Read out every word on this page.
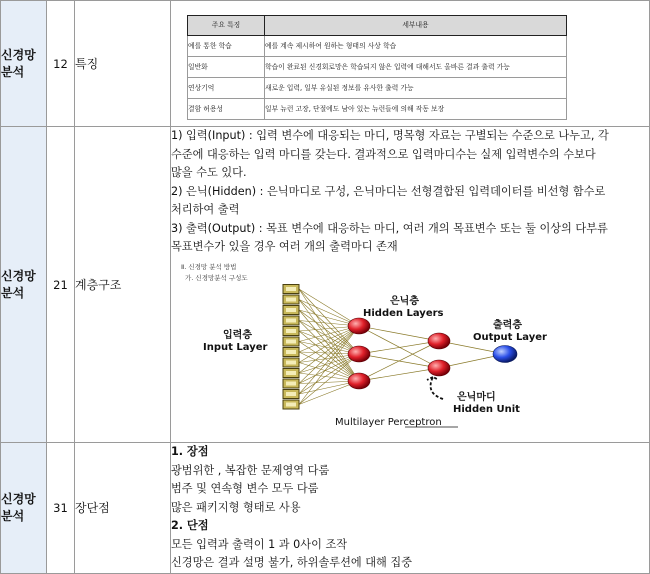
신경망 분석	12	특징	
주요 특징	세부내용
예를 통한 학습	예를 계속 제시하여 원하는 형태의 사상 학습
일반화	학습이 완료된 신경회로망은 학습되지 않은 입력에 대해서도 올바른 결과 출력 가능
연상기억	새로운 입력, 일부 유실된 정보를 유사한 출력 가능
결함 허용성	일부 뉴런 고장, 단절에도 남아 있는 뉴런들에 의해 작동 보장

신경망 분석	21	계층구조	

1) 입력(Input) : 입력 변수에 대응되는 마디, 명목형 자료는 구별되는 수준으로 나누고, 각

수준에 대응하는 입력 마디를 갖는다. 결과적으로 입력마디수는 실제 입력변수의 수보다

많을 수도 있다.

2) 은닉(Hidden) : 은닉마디로 구성, 은닉마디는 선형결합된 입력데이터를 비선형 함수로

처리하여 출력

3) 출력(Output) : 목표 변수에 대응하는 마디, 여러 개의 목표변수 또는 둘 이상의 다부류

목표변수가 있을 경우 여러 개의 출력마디 존재

Ⅱ. 신경망 분석 방법
가. 신경망분석 구성도
입력층
Input Layer
은닉층
Hidden Layers
출력층
Output Layer
은닉마디
Hidden Unit
Multilayer Perceptron

신경망 분석	31	장단점	

1. 장점

광범위한 , 복잡한 문제영역 다룸

범주 및 연속형 변수 모두 다룸

많은 패키지형 형태로 사용

2. 단점

모든 입력과 출력이 1 과 0사이 조작

신경망은 결과 설명 불가, 하위솔루션에 대해 집중
